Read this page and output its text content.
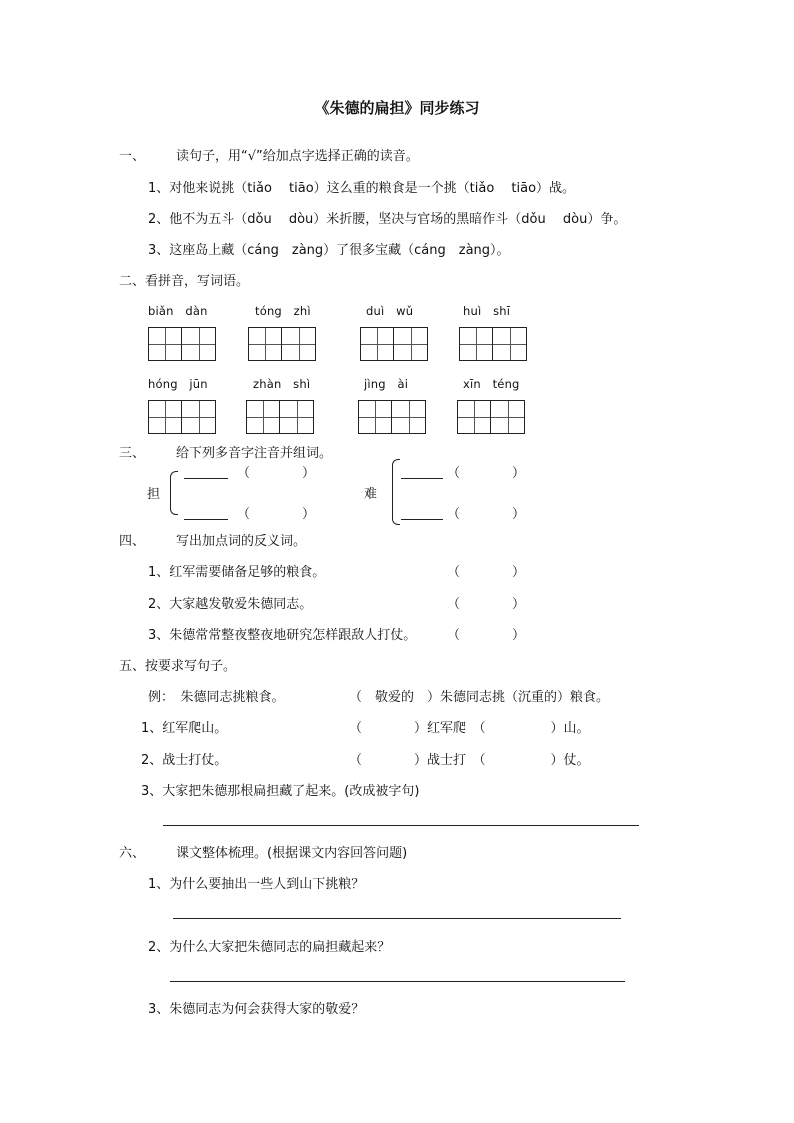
《朱德的扁担》同步练习
一、 读句子，用“√”给加点字选择正确的读音。
1、对他来说挑（tiǎo　 tiāo）这么重的粮食是一个挑（tiǎo　 tiāo）战。
2、他不为五斗（dǒu　 dòu）米折腰，坚决与官场的黑暗作斗（dǒu　 dòu）争。
3、这座岛上藏（cáng　zàng）了很多宝藏（cáng　zàng）。
二、看拼音，写词语。
biǎn　dàn	tóng　zhì	duì　wǔ	huì　shī
hóng　jūn	zhàn　shì	jìng　ài	xīn　téng
三、 给下列多音字注音并组词。
担
（　　　　）
（　　　　）
难
（　　　　）
（　　　　）
四、 写出加点词的反义词。
1、红军需要储备足够的粮食。	（　　　　）
2、大家越发敬爱朱德同志。	（　　　　）
3、朱德常常整夜整夜地研究怎样跟敌人打仗。 （　　　　）
五、按要求写句子。
例：　朱德同志挑粮食。	（　敬爱的　）朱德同志挑（沉重的）粮食。
1、红军爬山。	（　　　　）红军爬　（　　　　　）山。
2、战士打仗。	（　　　　）战士打　（　　　　　）仗。
3、大家把朱德那根扁担藏了起来。(改成被字句)
六、 课文整体梳理。(根据课文内容回答问题)
1、为什么要抽出一些人到山下挑粮？
2、为什么大家把朱德同志的扁担藏起来？
3、朱德同志为何会获得大家的敬爱？
